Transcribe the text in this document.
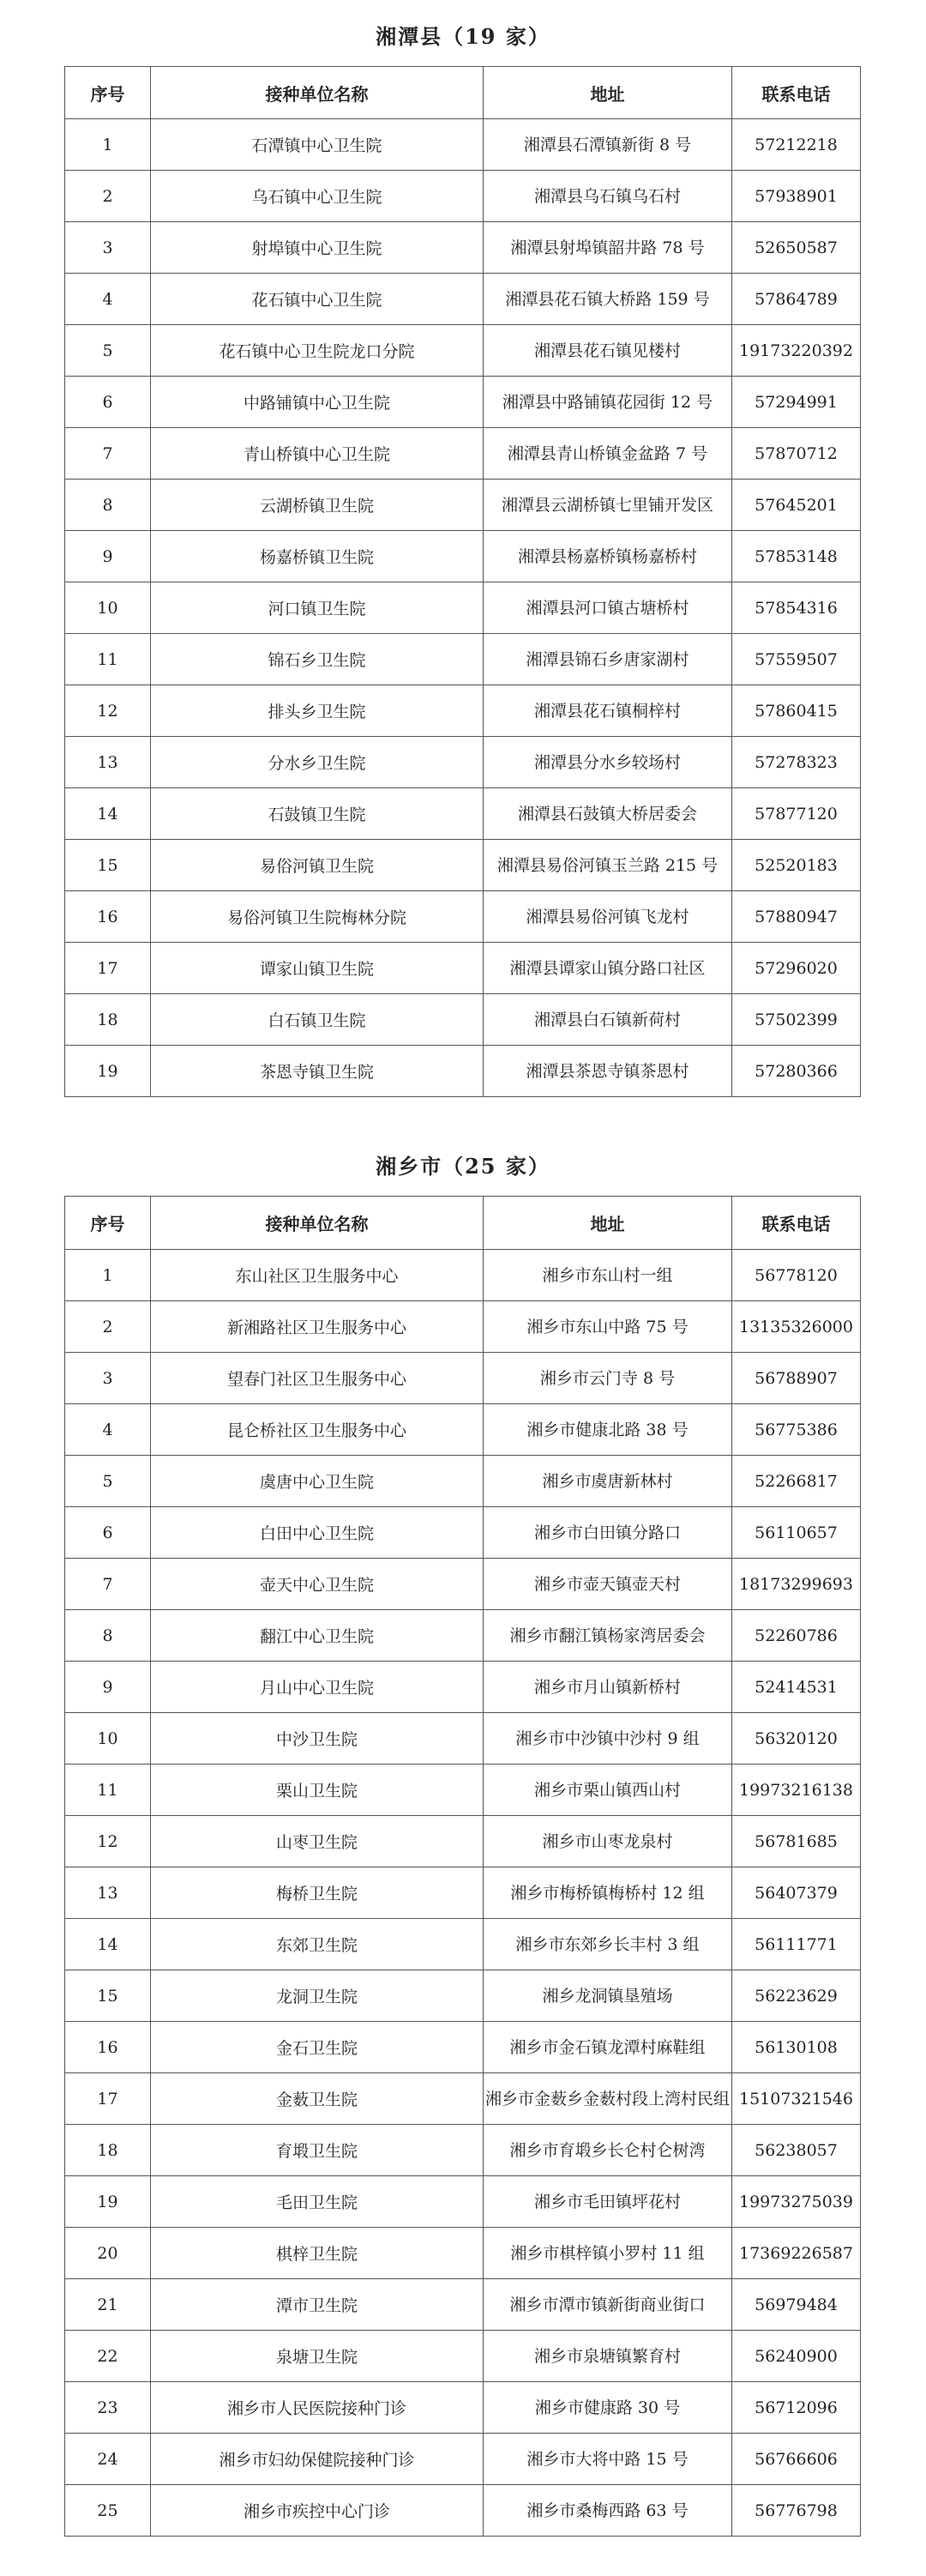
湘潭县（19 家）
序号	接种单位名称	地址	联系电话
1	石潭镇中心卫生院	湘潭县石潭镇新街 8 号	57212218
2	乌石镇中心卫生院	湘潭县乌石镇乌石村	57938901
3	射埠镇中心卫生院	湘潭县射埠镇韶井路 78 号	52650587
4	花石镇中心卫生院	湘潭县花石镇大桥路 159 号	57864789
5	花石镇中心卫生院龙口分院	湘潭县花石镇见楼村	19173220392
6	中路铺镇中心卫生院	湘潭县中路铺镇花园街 12 号	57294991
7	青山桥镇中心卫生院	湘潭县青山桥镇金盆路 7 号	57870712
8	云湖桥镇卫生院	湘潭县云湖桥镇七里铺开发区	57645201
9	杨嘉桥镇卫生院	湘潭县杨嘉桥镇杨嘉桥村	57853148
10	河口镇卫生院	湘潭县河口镇古塘桥村	57854316
11	锦石乡卫生院	湘潭县锦石乡唐家湖村	57559507
12	排头乡卫生院	湘潭县花石镇桐梓村	57860415
13	分水乡卫生院	湘潭县分水乡较场村	57278323
14	石鼓镇卫生院	湘潭县石鼓镇大桥居委会	57877120
15	易俗河镇卫生院	湘潭县易俗河镇玉兰路 215 号	52520183
16	易俗河镇卫生院梅林分院	湘潭县易俗河镇飞龙村	57880947
17	谭家山镇卫生院	湘潭县谭家山镇分路口社区	57296020
18	白石镇卫生院	湘潭县白石镇新荷村	57502399
19	茶恩寺镇卫生院	湘潭县茶恩寺镇茶恩村	57280366
湘乡市（25 家）
序号	接种单位名称	地址	联系电话
1	东山社区卫生服务中心	湘乡市东山村一组	56778120
2	新湘路社区卫生服务中心	湘乡市东山中路 75 号	13135326000
3	望春门社区卫生服务中心	湘乡市云门寺 8 号	56788907
4	昆仑桥社区卫生服务中心	湘乡市健康北路 38 号	56775386
5	虞唐中心卫生院	湘乡市虞唐新林村	52266817
6	白田中心卫生院	湘乡市白田镇分路口	56110657
7	壶天中心卫生院	湘乡市壶天镇壶天村	18173299693
8	翻江中心卫生院	湘乡市翻江镇杨家湾居委会	52260786
9	月山中心卫生院	湘乡市月山镇新桥村	52414531
10	中沙卫生院	湘乡市中沙镇中沙村 9 组	56320120
11	栗山卫生院	湘乡市栗山镇西山村	19973216138
12	山枣卫生院	湘乡市山枣龙泉村	56781685
13	梅桥卫生院	湘乡市梅桥镇梅桥村 12 组	56407379
14	东郊卫生院	湘乡市东郊乡长丰村 3 组	56111771
15	龙洞卫生院	湘乡龙洞镇垦殖场	56223629
16	金石卫生院	湘乡市金石镇龙潭村麻鞋组	56130108
17	金薮卫生院	湘乡市金薮乡金薮村段上湾村民组	15107321546
18	育塅卫生院	湘乡市育塅乡长仑村仑树湾	56238057
19	毛田卫生院	湘乡市毛田镇坪花村	19973275039
20	棋梓卫生院	湘乡市棋梓镇小罗村 11 组	17369226587
21	潭市卫生院	湘乡市潭市镇新街商业街口	56979484
22	泉塘卫生院	湘乡市泉塘镇繁育村	56240900
23	湘乡市人民医院接种门诊	湘乡市健康路 30 号	56712096
24	湘乡市妇幼保健院接种门诊	湘乡市大将中路 15 号	56766606
25	湘乡市疾控中心门诊	湘乡市桑梅西路 63 号	56776798
